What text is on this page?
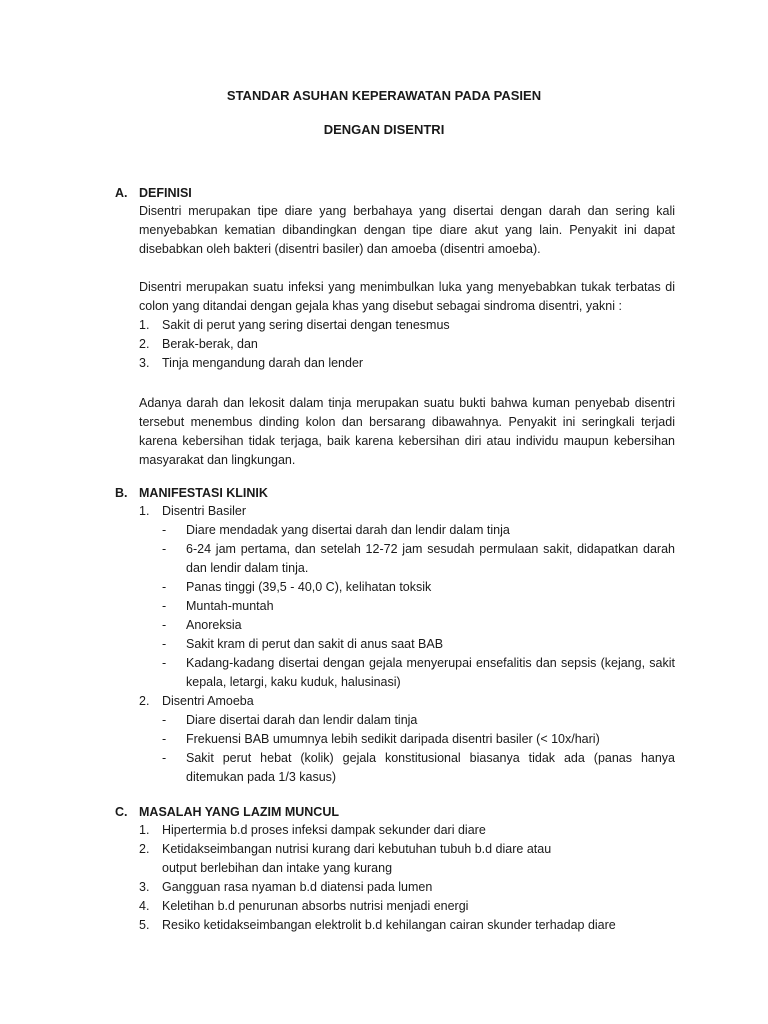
STANDAR ASUHAN KEPERAWATAN PADA PASIEN
DENGAN DISENTRI
A. DEFINISI

Disentri merupakan tipe diare yang berbahaya yang disertai dengan darah dan sering kali menyebabkan kematian dibandingkan dengan tipe diare akut yang lain. Penyakit ini dapat disebabkan oleh bakteri (disentri basiler) dan amoeba (disentri amoeba).

Disentri merupakan suatu infeksi yang menimbulkan luka yang menyebabkan tukak terbatas di colon yang ditandai dengan gejala khas yang disebut sebagai sindroma disentri, yakni :

1. Sakit di perut yang sering disertai dengan tenesmus
2. Berak-berak, dan
3. Tinja mengandung darah dan lender

Adanya darah dan lekosit dalam tinja merupakan suatu bukti bahwa kuman penyebab disentri tersebut menembus dinding kolon dan bersarang dibawahnya. Penyakit ini seringkali terjadi karena kebersihan tidak terjaga, baik karena kebersihan diri atau individu maupun kebersihan masyarakat dan lingkungan.

B. MANIFESTASI KLINIK
1. Disentri Basiler
- Diare mendadak yang disertai darah dan lendir dalam tinja
- 6-24 jam pertama, dan setelah 12-72 jam sesudah permulaan sakit, didapatkan darah dan lendir dalam tinja.
- Panas tinggi (39,5 - 40,0 C), kelihatan toksik
- Muntah-muntah
- Anoreksia
- Sakit kram di perut dan sakit di anus saat BAB
- Kadang-kadang disertai dengan gejala menyerupai ensefalitis dan sepsis (kejang, sakit kepala, letargi, kaku kuduk, halusinasi)
2. Disentri Amoeba
- Diare disertai darah dan lendir dalam tinja
- Frekuensi BAB umumnya lebih sedikit daripada disentri basiler (< 10x/hari)
- Sakit perut hebat (kolik) gejala konstitusional biasanya tidak ada (panas hanya ditemukan pada 1/3 kasus)
C. MASALAH YANG LAZIM MUNCUL
1. Hipertermia b.d proses infeksi dampak sekunder dari diare
2. Ketidakseimbangan nutrisi kurang dari kebutuhan tubuh b.d diare atau output berlebihan dan intake yang kurang
3. Gangguan rasa nyaman b.d diatensi pada lumen
4. Keletihan b.d penurunan absorbs nutrisi menjadi energi
5. Resiko ketidakseimbangan elektrolit b.d kehilangan cairan skunder terhadap diare
